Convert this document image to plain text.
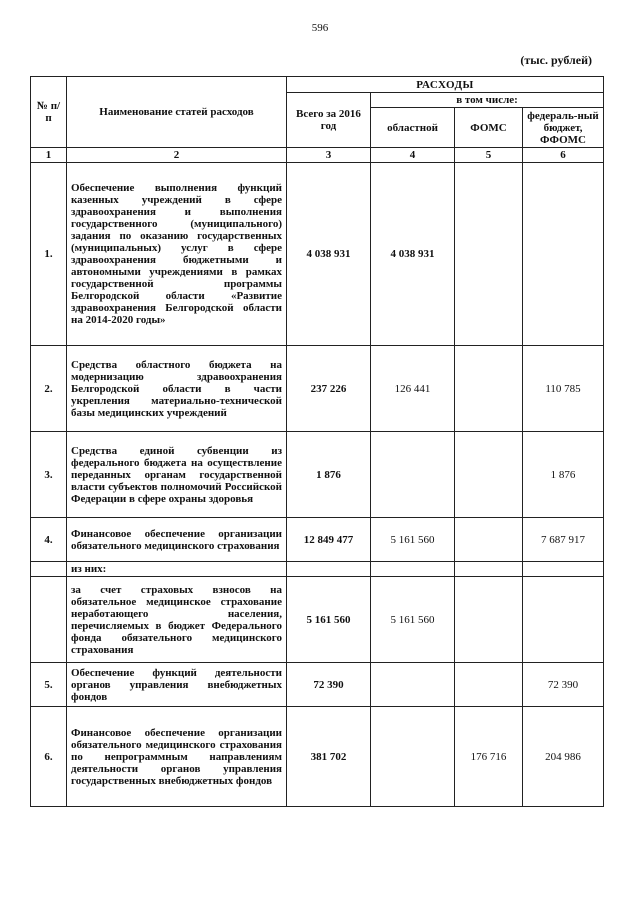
596
(тыс. рублей)
№ п/п	Наименование статей расходов	РАСХОДЫ			
		Всего за 2016 год	в том числе:		
			областной	ФОМС	федераль-ный бюджет, ФФОМС
1	2	3	4	5	6
1.	Обеспечение выполнения функций казенных учреждений в сфере здравоохранения и выполнения государственного (муниципального) задания по оказанию государственных (муниципальных) услуг в сфере здравоохранения бюджетными и автономными учреждениями в рамках государственной программы Белгородской области «Развитие здравоохранения Белгородской области на 2014-2020 годы»	4 038 931	4 038 931		
2.	Средства областного бюджета на модернизацию здравоохранения Белгородской области в части укрепления материально-технической базы медицинских учреждений	237 226	126 441		110 785
3.	Средства единой субвенции из федерального бюджета на осуществление переданных органам государственной власти субъектов полномочий Российской Федерации в сфере охраны здоровья	1 876			1 876
4.	Финансовое обеспечение организации обязательного медицинского страхования	12 849 477	5 161 560		7 687 917
	из них:				
	за счет страховых взносов на обязательное медицинское страхование неработающего населения, перечисляемых в бюджет Федерального фонда обязательного медицинского страхования	5 161 560	5 161 560		
5.	Обеспечение функций деятельности органов управления внебюджетных фондов	72 390			72 390
6.	Финансовое обеспечение организации обязательного медицинского страхования по непрограммным направлениям деятельности органов управления государственных внебюджетных фондов	381 702		176 716	204 986
